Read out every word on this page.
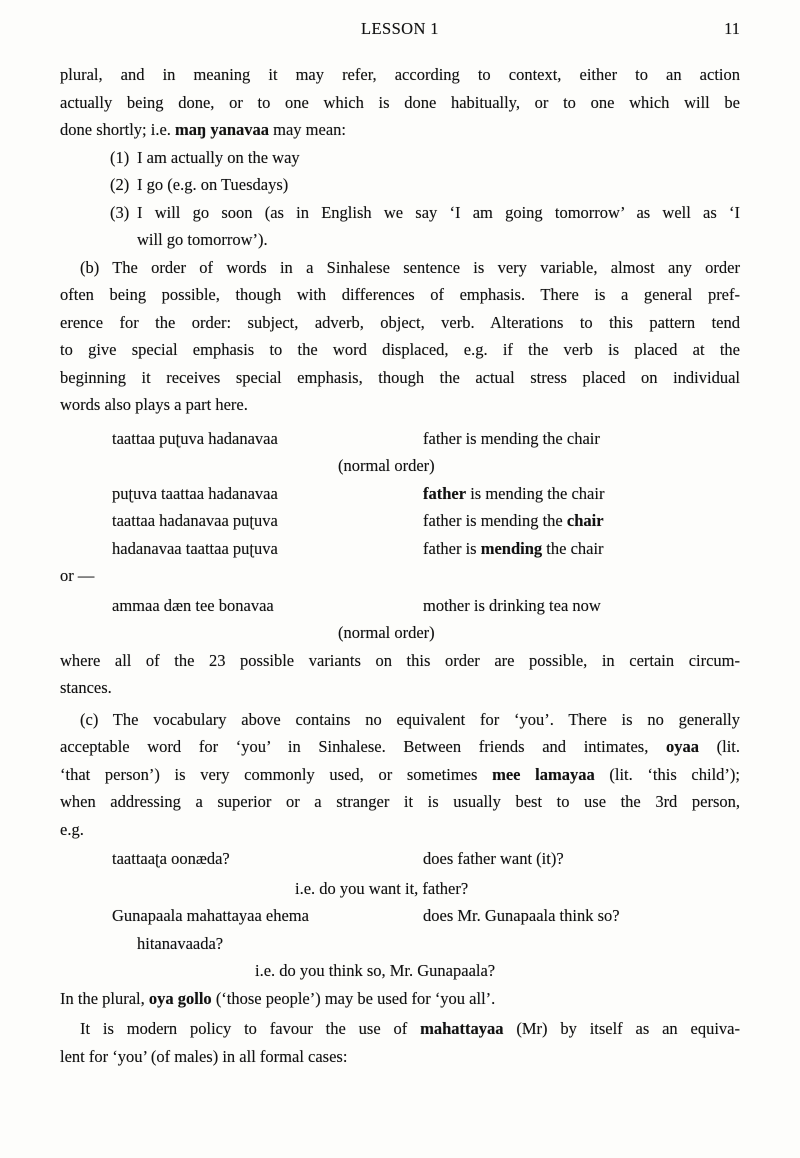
LESSON 1	11
plural, and in meaning it may refer, according to context, either to an action
actually being done, or to one which is done habitually, or to one which will be
done shortly; i.e. maŋ yanavaa may mean:
(1) I am actually on the way
(2) I go (e.g. on Tuesdays)
(3) I will go soon (as in English we say ‘I am going tomorrow’ as well as ‘I
will go tomorrow’).
(b) The order of words in a Sinhalese sentence is very variable, almost any order
often being possible, though with differences of emphasis. There is a general pref-
erence for the order: subject, adverb, object, verb. Alterations to this pattern tend
to give special emphasis to the word displaced, e.g. if the verb is placed at the
beginning it receives special emphasis, though the actual stress placed on individual
words also plays a part here.
taattaa puʈuva hadanavaa	father is mending the chair
(normal order)
puʈuva taattaa hadanavaa	father is mending the chair
taattaa hadanavaa puʈuva	father is mending the chair
hadanavaa taattaa puʈuva	father is mending the chair
or —
ammaa dæn tee bonavaa	mother is drinking tea now
(normal order)
where all of the 23 possible variants on this order are possible, in certain circum-
stances.
(c) The vocabulary above contains no equivalent for ‘you’. There is no generally
acceptable word for ‘you’ in Sinhalese. Between friends and intimates, oyaa (lit.
‘that person’) is very commonly used, or sometimes mee lamayaa (lit. ‘this child’);
when addressing a superior or a stranger it is usually best to use the 3rd person,
e.g.
taattaaʈa oonæda?	does father want (it)?
i.e. do you want it, father?
Gunapaala mahattayaa ehema	does Mr. Gunapaala think so?
hitanavaada?
i.e. do you think so, Mr. Gunapaala?
In the plural, oya gollo (‘those people’) may be used for ‘you all’.
It is modern policy to favour the use of mahattayaa (Mr) by itself as an equiva-
lent for ‘you’ (of males) in all formal cases:
